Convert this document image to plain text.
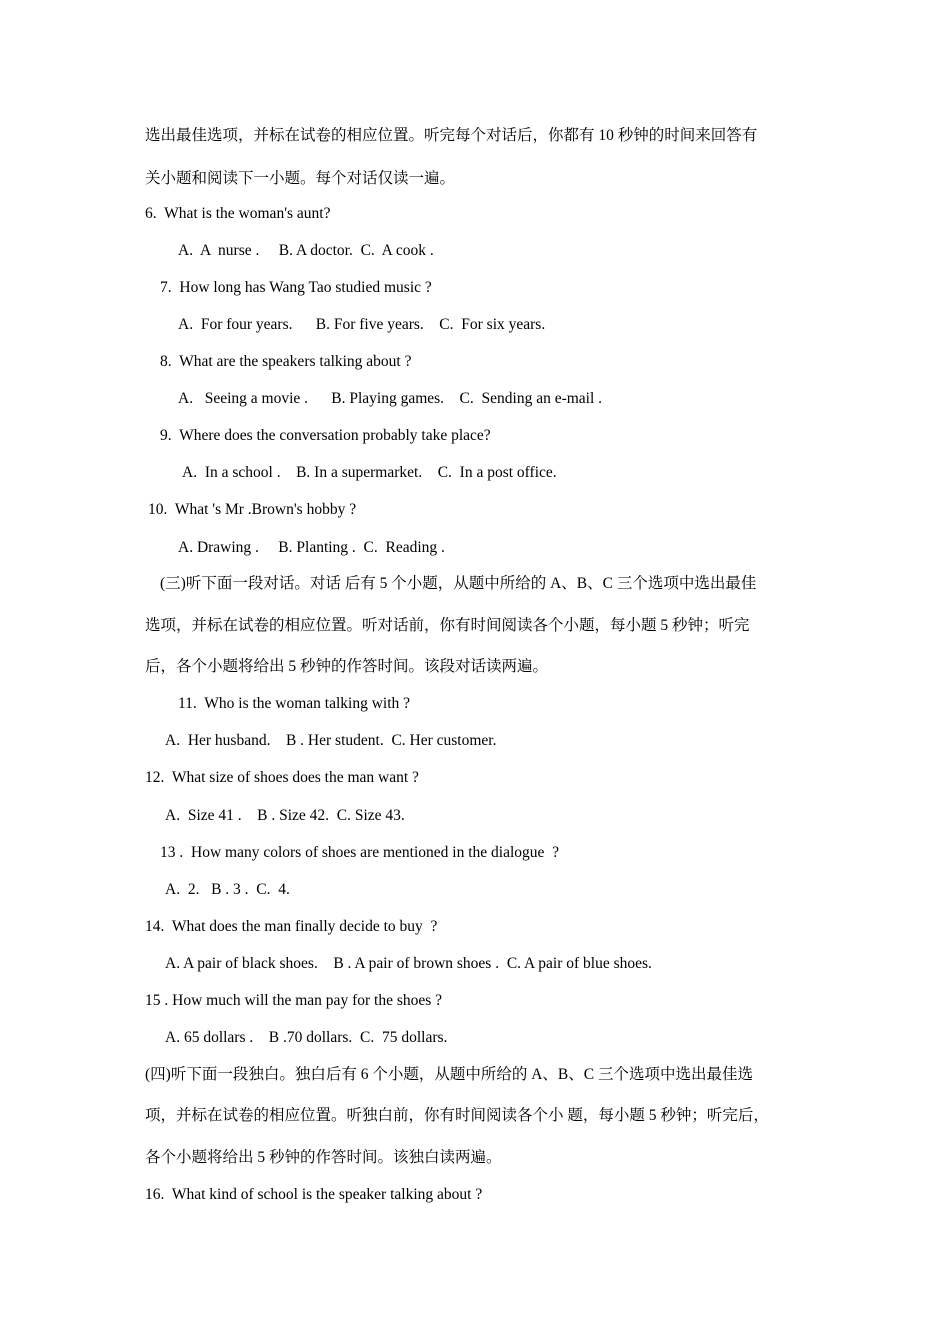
选出最佳选项，并标在试卷的相应位置。听完每个对话后，你都有 10 秒钟的时间来回答有
关小题和阅读下一小题。每个对话仅读一遍。
6.  What is the woman's aunt?
A.  A  nurse .     B. A doctor.  C.  A cook .
7.  How long has Wang Tao studied music ?
A.  For four years.      B. For five years.    C.  For six years.
8.  What are the speakers talking about ?
A.   Seeing a movie .      B. Playing games.    C.  Sending an e-mail .
9.  Where does the conversation probably take place?
A.  In a school .    B. In a supermarket.    C.  In a post office.
10.  What 's Mr .Brown's hobby ?
A. Drawing .     B. Planting .  C.  Reading .
(三)听下面一段对话。对话 后有 5 个小题，从题中所给的 A、B、C 三个选项中选出最佳
选项，并标在试卷的相应位置。听对话前，你有时间阅读各个小题，每小题 5 秒钟；听完
后，各个小题将给出 5 秒钟的作答时间。该段对话读两遍。
11.  Who is the woman talking with ?
A.  Her husband.    B . Her student.  C. Her customer.
12.  What size of shoes does the man want ?
A.  Size 41 .    B . Size 42.  C. Size 43.
13 .  How many colors of shoes are mentioned in the dialogue  ?
A.  2.   B . 3 .  C.  4.
14.  What does the man finally decide to buy  ?
A. A pair of black shoes.    B . A pair of brown shoes .  C. A pair of blue shoes.
15 . How much will the man pay for the shoes ?
A. 65 dollars .    B .70 dollars.  C.  75 dollars.
(四)听下面一段独白。独白后有 6 个小题，从题中所给的 A、B、C 三个选项中选出最佳选
项，并标在试卷的相应位置。听独白前，你有时间阅读各个小 题，每小题 5 秒钟；听完后，
各个小题将给出 5 秒钟的作答时间。该独白读两遍。
16.  What kind of school is the speaker talking about ?
